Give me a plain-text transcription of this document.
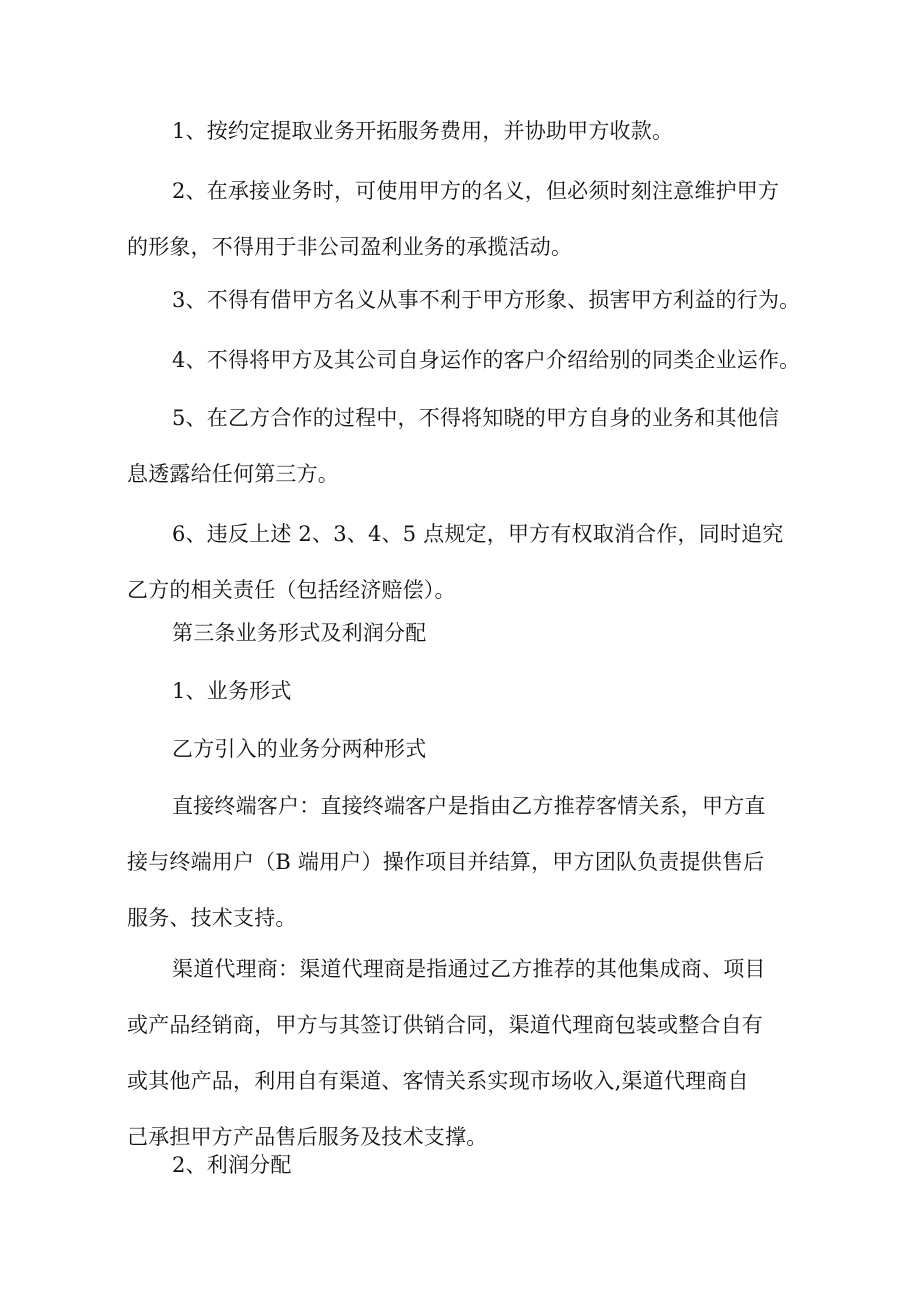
1、按约定提取业务开拓服务费用，并协助甲方收款。

2、在承接业务时，可使用甲方的名义，但必须时刻注意维护甲方
的形象，不得用于非公司盈利业务的承揽活动。

3、不得有借甲方名义从事不利于甲方形象、损害甲方利益的行为。

4、不得将甲方及其公司自身运作的客户介绍给别的同类企业运作。

5、在乙方合作的过程中，不得将知晓的甲方自身的业务和其他信
息透露给任何第三方。

6、违反上述 2、3、4、5 点规定，甲方有权取消合作，同时追究
乙方的相关责任（包括经济赔偿）。

第三条业务形式及利润分配

1、业务形式

乙方引入的业务分两种形式

直接终端客户：直接终端客户是指由乙方推荐客情关系，甲方直
接与终端用户（B 端用户）操作项目并结算，甲方团队负责提供售后
服务、技术支持。

渠道代理商：渠道代理商是指通过乙方推荐的其他集成商、项目
或产品经销商，甲方与其签订供销合同，渠道代理商包装或整合自有
或其他产品，利用自有渠道、客情关系实现市场收入,渠道代理商自
己承担甲方产品售后服务及技术支撑。

2、利润分配
